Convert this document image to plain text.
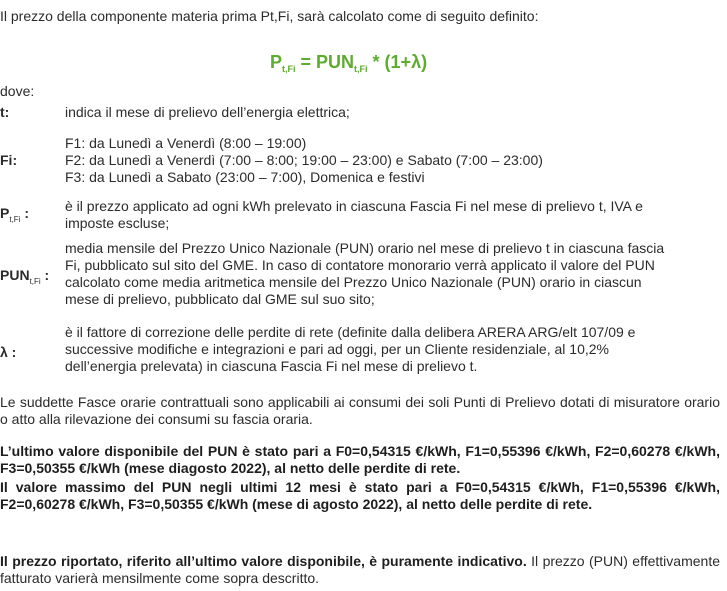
Il prezzo della componente materia prima Pt,Fi, sarà calcolato come di seguito definito:
$P_{t,Fi} = PUN_{t,Fi} * (1+\lambda)$
dove:
t:	indica il mese di prelievo dell’energia elettrica;
Fi:
F1: da Lunedì a Venerdì (8:00 – 19:00)
F2: da Lunedì a Venerdì (7:00 – 8:00; 19:00 – 23:00) e Sabato (7:00 – 23:00)
F3: da Lunedì a Sabato (23:00 – 7:00), Domenica e festivi
$P_{t,Fi}$ :	è il prezzo applicato ad ogni kWh prelevato in ciascuna Fascia Fi nel mese di prelievo t, IVA e
imposte escluse;
$PUN_{t,Fi}$ :
media mensile del Prezzo Unico Nazionale (PUN) orario nel mese di prelievo t in ciascuna fascia
Fi, pubblicato sul sito del GME. In caso di contatore monorario verrà applicato il valore del PUN
calcolato come media aritmetica mensile del Prezzo Unico Nazionale (PUN) orario in ciascun
mese di prelievo, pubblicato dal GME sul suo sito;
λ :
è il fattore di correzione delle perdite di rete (definite dalla delibera ARERA ARG/elt 107/09 e
successive modifiche e integrazioni e pari ad oggi, per un Cliente residenziale, al 10,2%
dell’energia prelevata) in ciascuna Fascia Fi nel mese di prelievo t.
Le suddette Fasce orarie contrattuali sono applicabili ai consumi dei soli Punti di Prelievo dotati di misuratore orario o atto alla rilevazione dei consumi su fascia oraria.
L’ultimo valore disponibile del PUN è stato pari a F0=0,54315 €/kWh, F1=0,55396 €/kWh, F2=0,60278 €/kWh, F3=0,50355 €/kWh (mese diagosto 2022), al netto delle perdite di rete.
Il valore massimo del PUN negli ultimi 12 mesi è stato pari a F0=0,54315 €/kWh, F1=0,55396 €/kWh, F2=0,60278 €/kWh, F3=0,50355 €/kWh (mese di agosto 2022), al netto delle perdite di rete.
Il prezzo riportato, riferito all’ultimo valore disponibile, è puramente indicativo. Il prezzo (PUN) effettivamente fatturato varierà mensilmente come sopra descritto.
